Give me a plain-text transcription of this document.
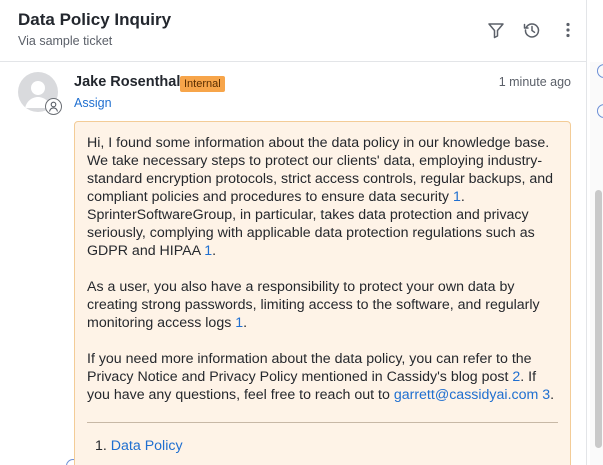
Data Policy Inquiry
Via sample ticket
Jake Rosenthal Internal	1 minute ago
Assign

Hi, I found some information about the data policy in our knowledge base. We take necessary steps to protect our clients' data, employing industry-standard encryption protocols, strict access controls, regular backups, and compliant policies and procedures to ensure data security 1. SprinterSoftwareGroup, in particular, takes data protection and privacy seriously, complying with applicable data protection regulations such as GDPR and HIPAA 1.

As a user, you also have a responsibility to protect your own data by creating strong passwords, limiting access to the software, and regularly monitoring access logs 1.

If you need more information about the data policy, you can refer to the Privacy Notice and Privacy Policy mentioned in Cassidy's blog post 2. If you have any questions, feel free to reach out to garrett@cassidyai.com 3.

1. Data Policy
